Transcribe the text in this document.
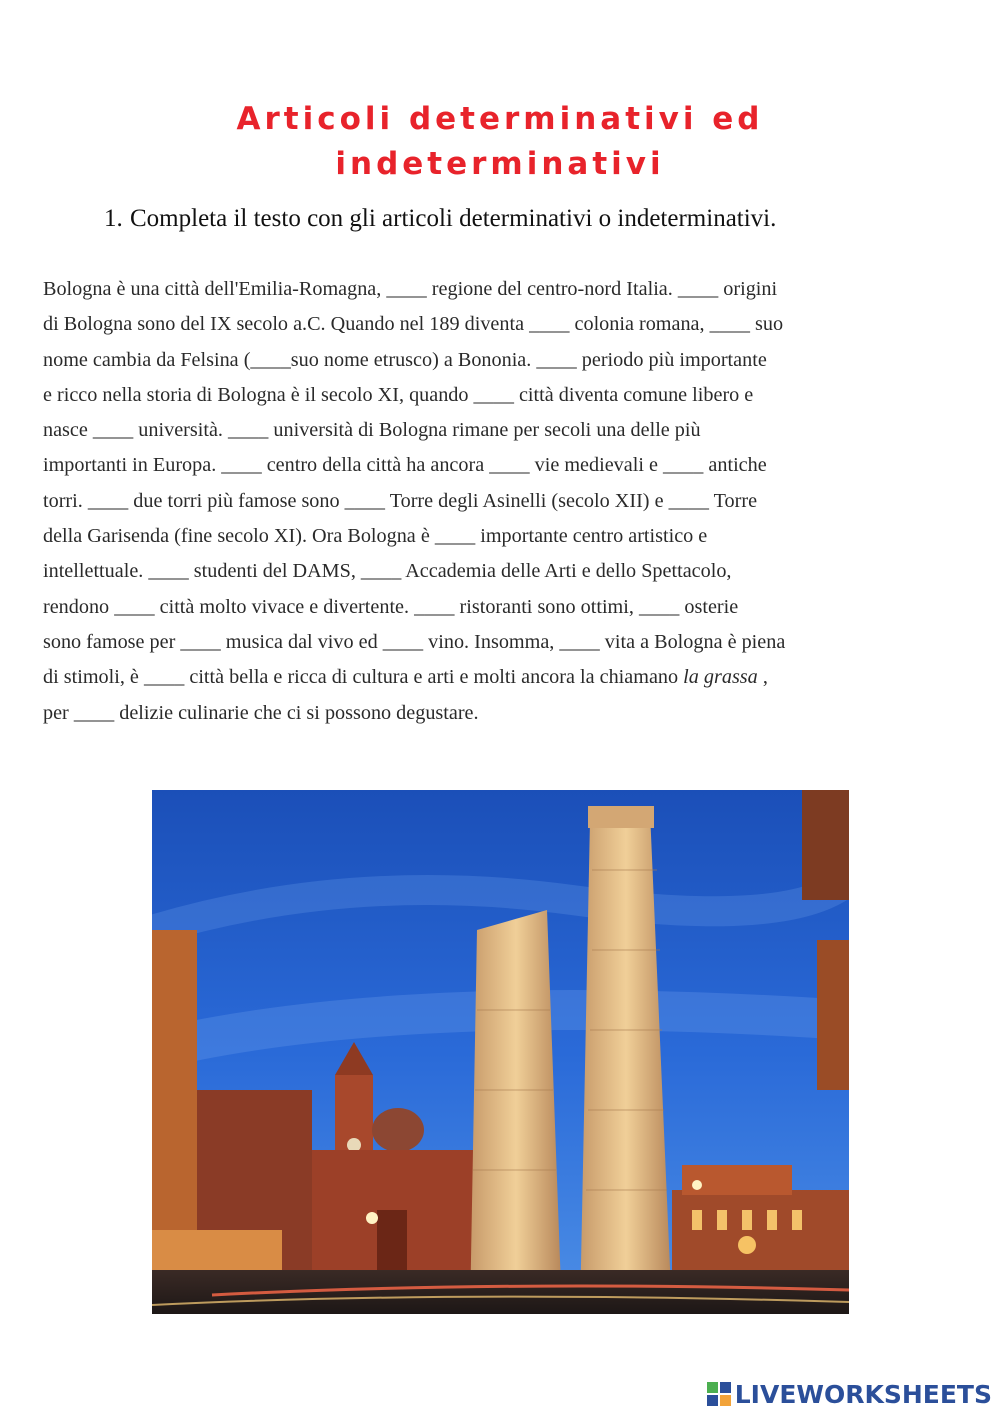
Articoli determinativi ed
indeterminativi
1. Completa il testo con gli articoli determinativi o indeterminativi.
Bologna è una città dell'Emilia-Romagna, ____ regione del centro-nord Italia. ____ origini
di Bologna sono del IX secolo a.C. Quando nel 189 diventa ____ colonia romana, ____ suo
nome cambia da Felsina (____suo nome etrusco) a Bononia. ____ periodo più importante
e ricco nella storia di Bologna è il secolo XI, quando ____ città diventa comune libero e
nasce ____ università. ____ università di Bologna rimane per secoli una delle più
importanti in Europa. ____ centro della città ha ancora ____ vie medievali e ____ antiche
torri. ____ due torri più famose sono ____ Torre degli Asinelli (secolo XII) e ____ Torre
della Garisenda (fine secolo XI). Ora Bologna è ____ importante centro artistico e
intellettuale. ____ studenti del DAMS, ____ Accademia delle Arti e dello Spettacolo,
rendono ____ città molto vivace e divertente. ____ ristoranti sono ottimi, ____ osterie
sono famose per ____ musica dal vivo ed ____ vino. Insomma, ____ vita a Bologna è piena
di stimoli, è ____ città bella e ricca di cultura e arti e molti ancora la chiamano la grassa ,
per ____ delizie culinarie che ci si possono degustare.
LIVEWORKSHEETS
